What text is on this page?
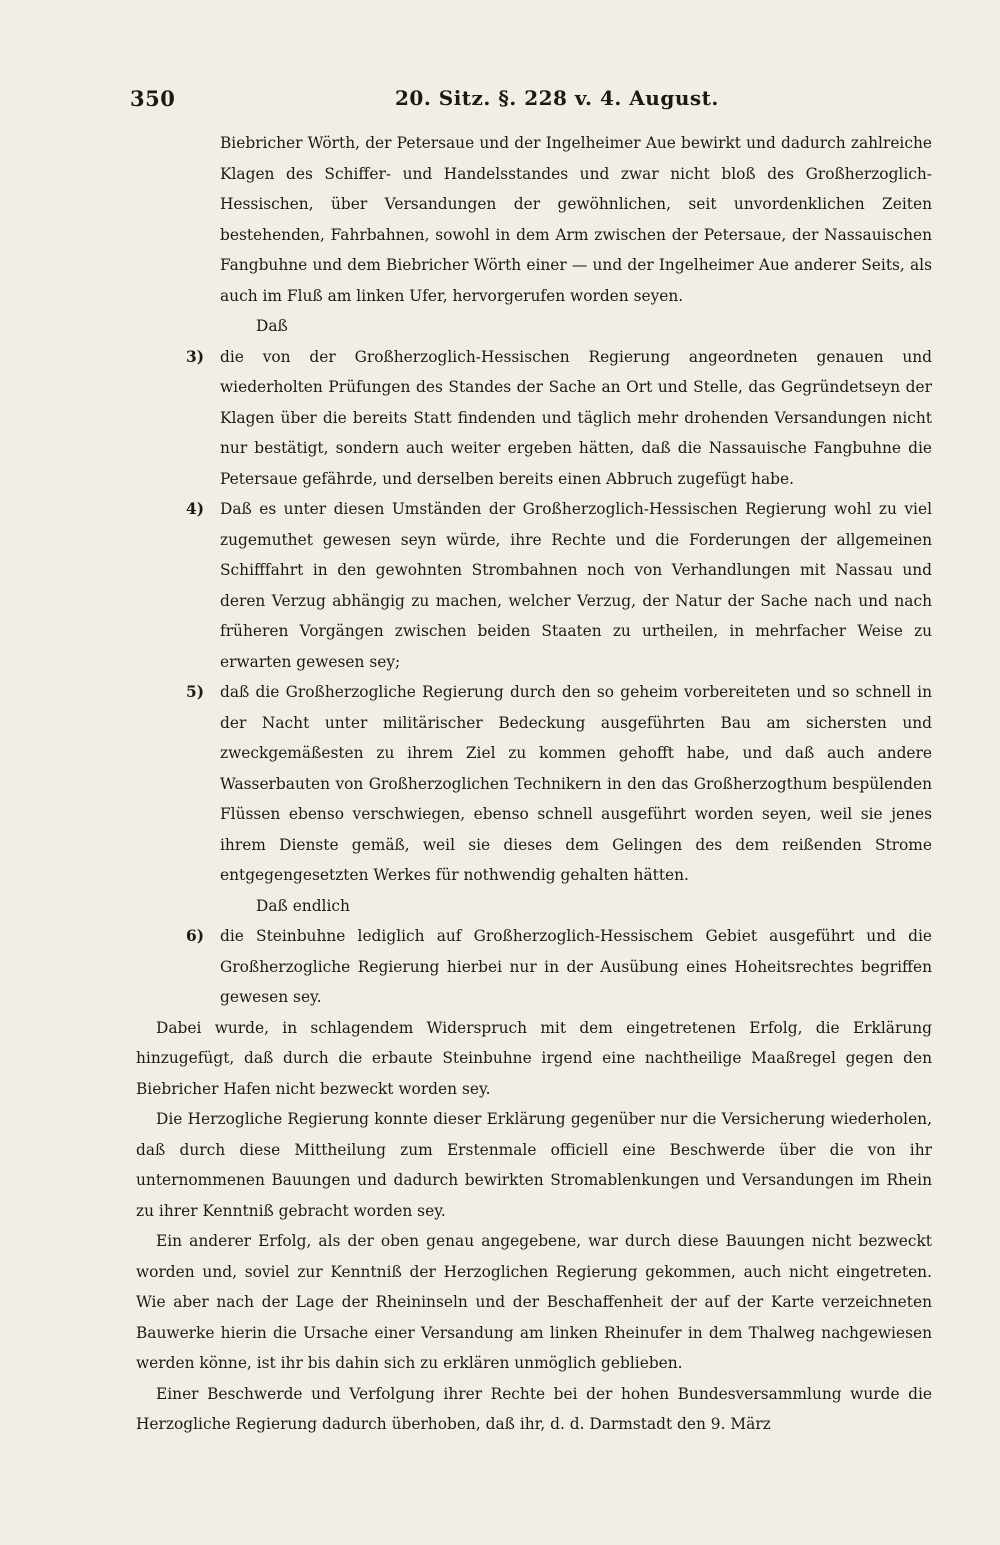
350	20. Sitz. §. 228 v. 4. August.

Biebricher Wörth, der Petersaue und der Ingelheimer Aue bewirkt und dadurch zahlreiche Klagen des Schiffer- und Handelsstandes und zwar nicht bloß des Großherzoglich-Hessischen, über Versandungen der gewöhnlichen, seit unvordenklichen Zeiten bestehenden, Fahrbahnen, sowohl in dem Arm zwischen der Petersaue, der Nassauischen Fangbuhne und dem Biebricher Wörth einer — und der Ingelheimer Aue anderer Seits, als auch im Fluß am linken Ufer, hervorgerufen worden seyen.

Daß

3) die von der Großherzoglich-Hessischen Regierung angeordneten genauen und wiederholten Prüfungen des Standes der Sache an Ort und Stelle, das Gegründetseyn der Klagen über die bereits Statt findenden und täglich mehr drohenden Versandungen nicht nur bestätigt, sondern auch weiter ergeben hätten, daß die Nassauische Fangbuhne die Petersaue gefährde, und derselben bereits einen Abbruch zugefügt habe.

4) Daß es unter diesen Umständen der Großherzoglich-Hessischen Regierung wohl zu viel zugemuthet gewesen seyn würde, ihre Rechte und die Forderungen der allgemeinen Schifffahrt in den gewohnten Strombahnen noch von Verhandlungen mit Nassau und deren Verzug abhängig zu machen, welcher Verzug, der Natur der Sache nach und nach früheren Vorgängen zwischen beiden Staaten zu urtheilen, in mehrfacher Weise zu erwarten gewesen sey;

5) daß die Großherzogliche Regierung durch den so geheim vorbereiteten und so schnell in der Nacht unter militärischer Bedeckung ausgeführten Bau am sichersten und zweckgemäßesten zu ihrem Ziel zu kommen gehofft habe, und daß auch andere Wasserbauten von Großherzoglichen Technikern in den das Großherzogthum bespülenden Flüssen ebenso verschwiegen, ebenso schnell ausgeführt worden seyen, weil sie jenes ihrem Dienste gemäß, weil sie dieses dem Gelingen des dem reißenden Strome entgegengesetzten Werkes für nothwendig gehalten hätten.

Daß endlich

6) die Steinbuhne lediglich auf Großherzoglich-Hessischem Gebiet ausgeführt und die Großherzogliche Regierung hierbei nur in der Ausübung eines Hoheitsrechtes begriffen gewesen sey.

Dabei wurde, in schlagendem Widerspruch mit dem eingetretenen Erfolg, die Erklärung hinzugefügt, daß durch die erbaute Steinbuhne irgend eine nachtheilige Maaßregel gegen den Biebricher Hafen nicht bezweckt worden sey.

Die Herzogliche Regierung konnte dieser Erklärung gegenüber nur die Versicherung wiederholen, daß durch diese Mittheilung zum Erstenmale officiell eine Beschwerde über die von ihr unternommenen Bauungen und dadurch bewirkten Stromablenkungen und Versandungen im Rhein zu ihrer Kenntniß gebracht worden sey.

Ein anderer Erfolg, als der oben genau angegebene, war durch diese Bauungen nicht bezweckt worden und, soviel zur Kenntniß der Herzoglichen Regierung gekommen, auch nicht eingetreten. Wie aber nach der Lage der Rheininseln und der Beschaffenheit der auf der Karte verzeichneten Bauwerke hierin die Ursache einer Versandung am linken Rheinufer in dem Thalweg nachgewiesen werden könne, ist ihr bis dahin sich zu erklären unmöglich geblieben.

Einer Beschwerde und Verfolgung ihrer Rechte bei der hohen Bundesversammlung wurde die Herzogliche Regierung dadurch überhoben, daß ihr, d. d. Darmstadt den 9. März
